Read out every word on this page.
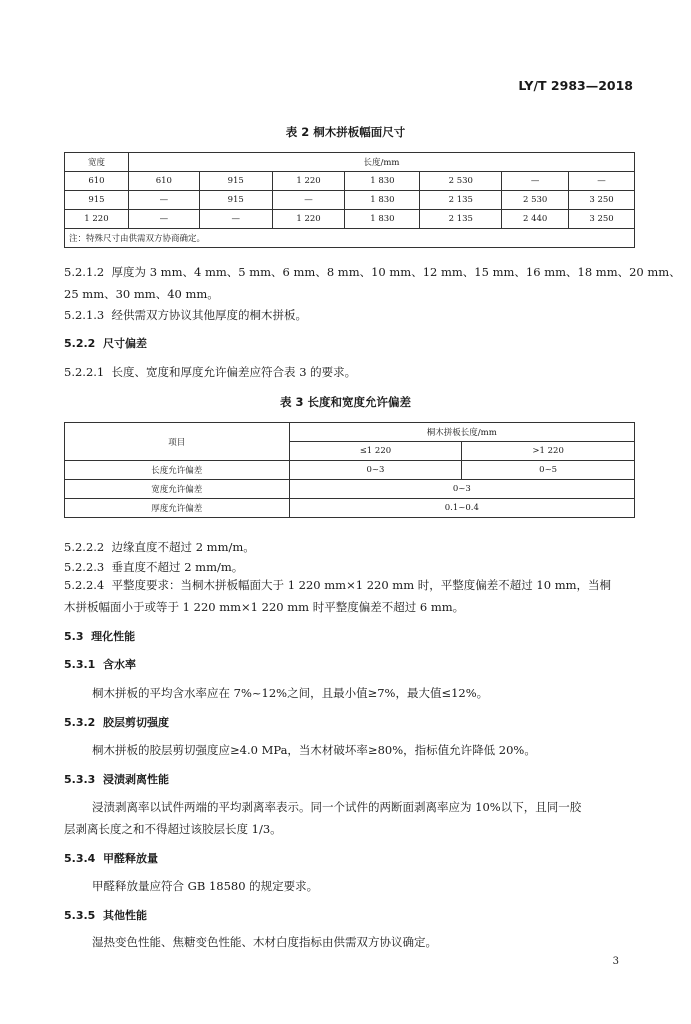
LY/T 2983—2018
表 2 桐木拼板幅面尺寸
宽度	长度/mm						
610	610	915	1 220	1 830	2 530	—	—
915	—	915	—	1 830	2 135	2 530	3 250
1 220	—	—	1 220	1 830	2 135	2 440	3 250
注：特殊尺寸由供需双方协商确定。							
5.2.1.2 厚度为 3 mm、4 mm、5 mm、6 mm、8 mm、10 mm、12 mm、15 mm、16 mm、18 mm、20 mm、
25 mm、30 mm、40 mm。
5.2.1.3 经供需双方协议其他厚度的桐木拼板。
5.2.2 尺寸偏差
5.2.2.1 长度、宽度和厚度允许偏差应符合表 3 的要求。
表 3 长度和宽度允许偏差
项目	桐木拼板长度/mm	
	≤1 220	>1 220
长度允许偏差	0~3	0~5
宽度允许偏差	0~3	
厚度允许偏差	0.1~0.4	
5.2.2.2 边缘直度不超过 2 mm/m。
5.2.2.3 垂直度不超过 2 mm/m。
5.2.2.4 平整度要求：当桐木拼板幅面大于 1 220 mm×1 220 mm 时，平整度偏差不超过 10 mm，当桐
木拼板幅面小于或等于 1 220 mm×1 220 mm 时平整度偏差不超过 6 mm。
5.3 理化性能
5.3.1 含水率
桐木拼板的平均含水率应在 7%~12%之间，且最小值≥7%，最大值≤12%。
5.3.2 胶层剪切强度
桐木拼板的胶层剪切强度应≥4.0 MPa，当木材破坏率≥80%，指标值允许降低 20%。
5.3.3 浸渍剥离性能
浸渍剥离率以试件两端的平均剥离率表示。同一个试件的两断面剥离率应为 10%以下，且同一胶
层剥离长度之和不得超过该胶层长度 1/3。
5.3.4 甲醛释放量
甲醛释放量应符合 GB 18580 的规定要求。
5.3.5 其他性能
湿热变色性能、焦糖变色性能、木材白度指标由供需双方协议确定。
3
